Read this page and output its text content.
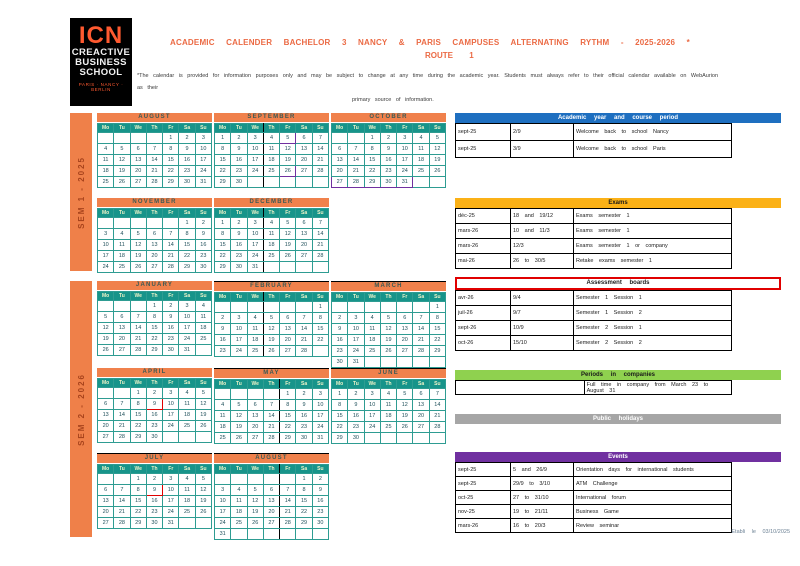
ICN
CREACTIVE
BUSINESS
SCHOOL
PARIS · NANCY · BERLIN
ACADEMIC CALENDER BACHELOR 3 NANCY & PARIS CAMPUSES ALTERNATING RYTHM - 2025-2026 *
ROUTE 1
*The calendar is provided for information purposes only and may be subject to change at any time during the academic year. Students must always refer to their official calendar available on WebAurion as their
primary source of information.
SEM 1 - 2025
SEM 2 - 2026
AUGUST
Mo	Tu	We	Th	Fr	Sa	Su
				1	2	3
4	5	6	7	8	9	10
11	12	13	14	15	16	17
18	19	20	21	22	23	24
25	26	27	28	29	30	31
SEPTEMBER
Mo	Tu	We	Th	Fr	Sa	Su
1	2	3	4	5	6	7
8	9	10	11	12	13	14
15	16	17	18	19	20	21
22	23	24	25	26	27	28
29	30					
OCTOBER
Mo	Tu	We	Th	Fr	Sa	Su
		1	2	3	4	5
6	7	8	9	10	11	12
13	14	15	16	17	18	19
20	21	22	23	24	25	26
27	28	29	30	31		
NOVEMBER
Mo	Tu	We	Th	Fr	Sa	Su
					1	2
3	4	5	6	7	8	9
10	11	12	13	14	15	16
17	18	19	20	21	22	23
24	25	26	27	28	29	30
DECEMBER
Mo	Tu	We	Th	Fr	Sa	Su
1	2	3	4	5	6	7
8	9	10	11	12	13	14
15	16	17	18	19	20	21
22	23	24	25	26	27	28
29	30	31				
JANUARY
Mo	Tu	We	Th	Fr	Sa	Su
			1	2	3	4
5	6	7	8	9	10	11
12	13	14	15	16	17	18
19	20	21	22	23	24	25
26	27	28	29	30	31	
FEBRUARY
Mo	Tu	We	Th	Fr	Sa	Su
						1
2	3	4	5	6	7	8
9	10	11	12	13	14	15
16	17	18	19	20	21	22
23	24	25	26	27	28	
MARCH
Mo	Tu	We	Th	Fr	Sa	Su
						1
2	3	4	5	6	7	8
9	10	11	12	13	14	15
16	17	18	19	20	21	22
23	24	25	26	27	28	29
30	31					
APRIL
Mo	Tu	We	Th	Fr	Sa	Su
		1	2	3	4	5
6	7	8	9	10	11	12
13	14	15	16	17	18	19
20	21	22	23	24	25	26
27	28	29	30			
MAY
Mo	Tu	We	Th	Fr	Sa	Su
				1	2	3
4	5	6	7	8	9	10
11	12	13	14	15	16	17
18	19	20	21	22	23	24
25	26	27	28	29	30	31
JUNE
Mo	Tu	We	Th	Fr	Sa	Su
1	2	3	4	5	6	7
8	9	10	11	12	13	14
15	16	17	18	19	20	21
22	23	24	25	26	27	28
29	30					
JULY
Mo	Tu	We	Th	Fr	Sa	Su
		1	2	3	4	5
6	7	8	9	10	11	12
13	14	15	16	17	18	19
20	21	22	23	24	25	26
27	28	29	30	31		
AUGUST
Mo	Tu	We	Th	Fr	Sa	Su
					1	2
3	4	5	6	7	8	9
10	11	12	13	14	15	16
17	18	19	20	21	22	23
24	25	26	27	28	29	30
31						
Academic year and course period
sept-25	2/9	Welcome back to school Nancy
sept-25	3/9	Welcome back to school Paris
Exams
déc-25	18 and 19/12	Exams semester 1
mars-26	10 and 11/3	Exams semester 1
mars-26	12/3	Exams semester 1 or company
mai-26	26 to 30/5	Retake exams semester 1
Assessment boards
avr-26	9/4	Semester 1 Session 1
juil-26	9/7	Semester 1 Session 2
sept-26	10/9	Semester 2 Session 1
oct-26	15/10	Semester 2 Session 2
Periods in companies
	Full time in company from March 23 to August 31
Public holidays
Events
sept-25	5 and 26/9	Orientation days for international students
sept-25	29/9 to 3/10	ATM Challenge
oct-25	27 to 31/10	International forum
nov-25	19 to 21/11	Business Game
mars-26	16 to 20/3	Review seminar
Etabli le 03/10/2025
